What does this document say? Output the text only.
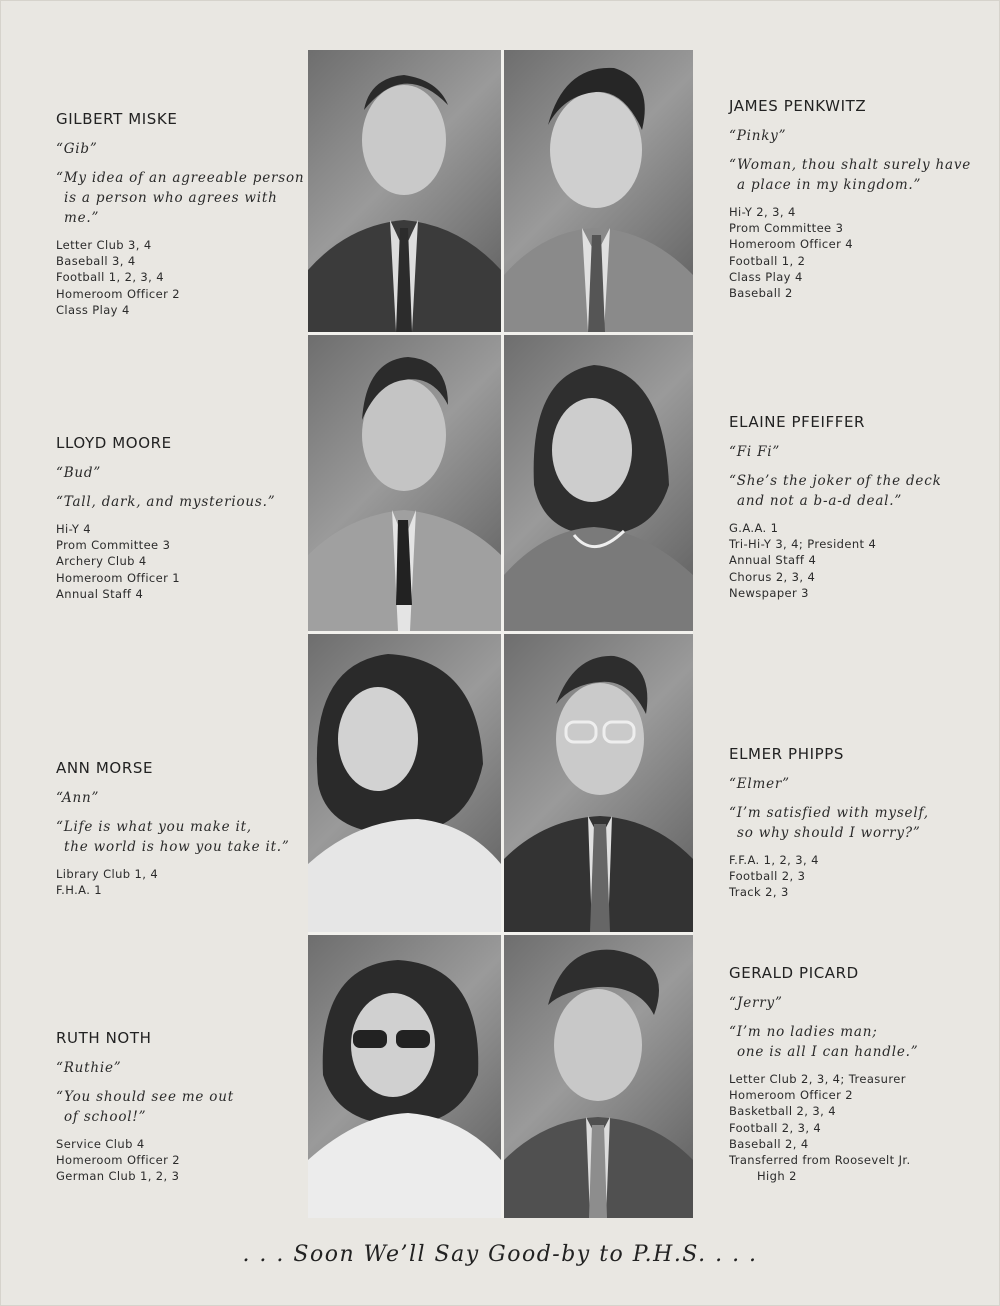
GILBERT MISKE
“Gib”
“My idea of an agreeable person
is a person who agrees with me.”
Letter Club 3, 4
Baseball 3, 4
Football 1, 2, 3, 4
Homeroom Officer 2
Class Play 4
LLOYD MOORE
“Bud”
“Tall, dark, and mysterious.”
Hi-Y 4
Prom Committee 3
Archery Club 4
Homeroom Officer 1
Annual Staff 4
ANN MORSE
“Ann”
“Life is what you make it,
the world is how you take it.”
Library Club 1, 4
F.H.A. 1
RUTH NOTH
“Ruthie”
“You should see me out
of school!”
Service Club 4
Homeroom Officer 2
German Club 1, 2, 3
JAMES PENKWITZ
“Pinky”
“Woman, thou shalt surely have
a place in my kingdom.”
Hi-Y 2, 3, 4
Prom Committee 3
Homeroom Officer 4
Football 1, 2
Class Play 4
Baseball 2
ELAINE PFEIFFER
“Fi Fi”
“She’s the joker of the deck
and not a b-a-d deal.”
G.A.A. 1
Tri-Hi-Y 3, 4; President 4
Annual Staff 4
Chorus 2, 3, 4
Newspaper 3
ELMER PHIPPS
“Elmer”
“I’m satisfied with myself,
so why should I worry?”
F.F.A. 1, 2, 3, 4
Football 2, 3
Track 2, 3
GERALD PICARD
“Jerry”
“I’m no ladies man;
one is all I can handle.”
Letter Club 2, 3, 4; Treasurer
Homeroom Officer 2
Basketball 2, 3, 4
Football 2, 3, 4
Baseball 2, 4
Transferred from Roosevelt Jr.
High 2
. . . Soon We’ll Say Good-by to P.H.S. . . .
